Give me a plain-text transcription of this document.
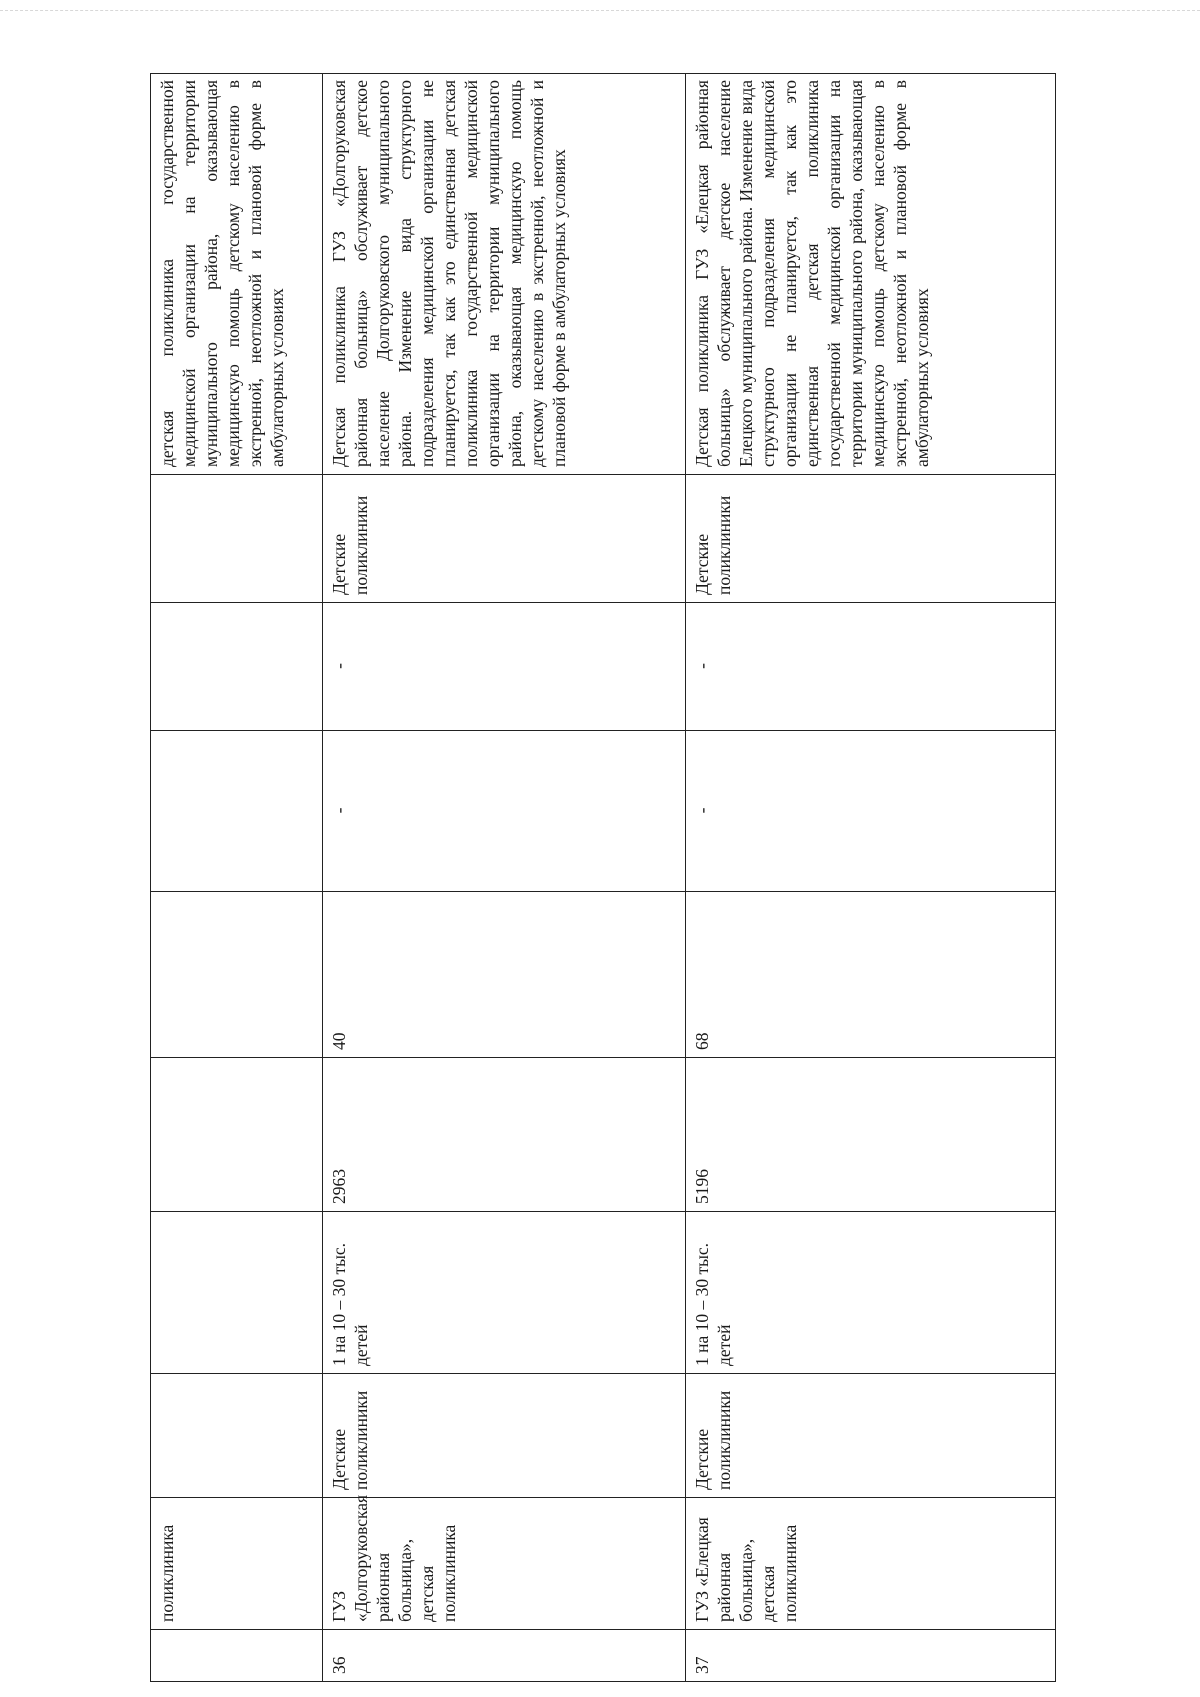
	поликлиника								детская поликлиника государственной медицинской организации на территории муниципального района, оказывающая медицинскую помощь детскому населению в экстренной, неотложной и плановой форме в амбулаторных условиях
36	ГУЗ «Долгоруковская районная больница», детская поликлиника	Детские поликлиники	1 на 10 – 30 тыс. детей	2963	40	-	-	Детские поликлиники	Детская поликлиника ГУЗ «Долгоруковская районная больница» обслуживает детское население Долгоруковского муниципального района. Изменение вида структурного подразделения медицинской организации не планируется, так как это единственная детская поликлиника государственной медицинской организации на территории муниципального района, оказывающая медицинскую помощь детскому населению в экстренной, неотложной и плановой форме в амбулаторных условиях
37	ГУЗ «Елецкая районная больница», детская поликлиника	Детские поликлиники	1 на 10 – 30 тыс. детей	5196	68	-	-	Детские поликлиники	Детская поликлиника ГУЗ «Елецкая районная больница» обслуживает детское население Елецкого муниципального района. Изменение вида структурного подразделения медицинской организации не планируется, так как это единственная детская поликлиника государственной медицинской организации на территории муниципального района, оказывающая медицинскую помощь детскому населению в экстренной, неотложной и плановой форме в амбулаторных условиях
